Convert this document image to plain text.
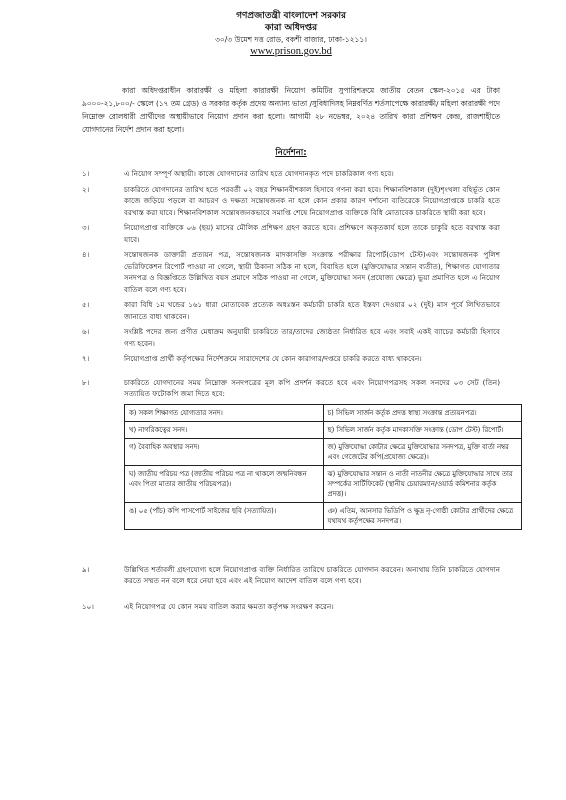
গণপ্রজাতন্ত্রী বাংলাদেশ সরকার
কারা অধিদপ্তর
৩০/৩ উমেশ দত্ত রোড, বকশী বাজার, ঢাকা-১২১১।
www.prison.gov.bd

কারা অধিদপ্তরাধীন কারারক্ষী ও মহিলা কারারক্ষী নিয়োগ কমিটির সুপারিশক্রমে জাতীয় বেতন স্কেল-২০১৫ এর টাকা ৯০০০-২১,৮০০/- স্কেলে (১৭ তম গ্রেড) ও সরকার কর্তৃক প্রদেয় অন্যান্য ভাতা /সুবিধাদিসহ নিম্নবর্ণিত শর্তসাপেক্ষে কারারক্ষী/ মহিলা কারারক্ষী পদে নিম্নোক্ত রোলধারী প্রার্থীদের অস্থায়ীভাবে নিয়োগ প্রদান করা হলো। আগামী ২৮ নভেম্বর, ২০২৪ তারিখ কারা প্রশিক্ষণ কেন্দ্র, রাজশাহীতে যোগদানের নির্দেশ প্রদান করা হলো।

নির্দেশনা:
১।	এ নিয়োগ সম্পূর্ণ অস্থায়ী। কাজে যোগদানের তারিখ হতে যোগদানকৃত পদে চাকরিকাল গণ্য হবে।
২।	চাকরিতে যোগদানের তারিখ হতে পরবর্তী ০২ বছর শিক্ষানবীশকাল হিসাবে গণনা করা হবে। শিক্ষানবিশকাল (দুই)শৃংখলা বহির্ভূত কোন কাজে জড়িয়ে পড়লে বা আচরণ ও দক্ষতা সন্তোষজনক না হলে কোন প্রকার কারণ দর্শানো ব্যতিরেকে নিয়োগপ্রাপ্তকে চাকরি হতে বরখাস্ত করা যাবে। শিক্ষানবিশকাল সন্তোষজনকভাবে সমাপ্তি শেষে নিয়োগপ্রাপ্ত ব্যক্তিকে বিধি মোতাবেক চাকরিতে স্থায়ী করা হবে।
৩।	নিয়োগপ্রাপ্ত ব্যক্তিকে ০৬ (ছয়) মাসের মৌলিক প্রশিক্ষণ গ্রহণ করতে হবে। প্রশিক্ষণে অকৃতকার্য হলে তাকে চাকুরি হতে বরখাস্ত করা যাবে।
৪।	সন্তোষজনক ডাক্তারী প্রত্যয়ন পত্র, সন্তোষজনক মাদকাসক্তি সংক্রান্ত পরীক্ষার রিপোর্ট(ডোপ টেস্ট)এবং সন্তোষজনক পুলিশ ভেরিফিকেশন রিপোর্ট পাওয়া না গেলে, স্থায়ী ঠিকানা সঠিক না হলে, বিবাহিত হলে (মুক্তিযোদ্ধার সন্তান ব্যতীত), শিক্ষাগত যোগ্যতার সনদপত্র ও বিজ্ঞপ্তিতে উল্লিখিত বয়স প্রমাণে সঠিক পাওয়া না গেলে, মুক্তিযোদ্ধা সনদ (প্রযোজ্য ক্ষেত্রে) ভুয়া প্রমাণিত হলে এ নিয়োগ বাতিল বলে গণ্য হবে।
৫।	কারা বিধি ১ম খন্ডের ১৬১ ধারা মোতাবেক প্রত্যেক অধঃস্তন কর্মচারী চাকরি হতে ইস্তফা দেওয়ার ০২ (দুই) মাস পূর্বে লিখিতভাবে জানাতে বাধ্য থাকবেন।
৬।	সংশ্লিষ্ট পদের জন্য প্রণীত মেধাক্রম অনুযায়ী চাকরিতে তার/তাদের জ্যেষ্ঠতা নির্ধারিত হবে এবং সবাই একই ব্যাচের কর্মচারী হিসাবে গণ্য হবেন।
৭।	নিয়োগপ্রাপ্ত প্রার্থী কর্তৃপক্ষের নির্দেশক্রমে সারাদেশের যে কোন কারাগার/দপ্তরে চাকরি করতে বাধ্য থাকবেন।
৮।	চাকরিতে যোগদানের সময় নিম্নোক্ত সনদপত্রের মূল কপি প্রদর্শন করতে হবে এবং নিয়োগপত্রসহ সকল সনদের ০৩ সেট (তিন) সত্যায়িত ফটোকপি জমা দিতে হবে:
ক) সকল শিক্ষাগত যোগ্যতার সনদ।	চ) সিভিল সার্জন কর্তৃক প্রদত্ত স্বাস্থ্য সংক্রান্ত প্রত্যয়নপত্র।
খ) নাগরিকত্বের সনদ।	ছ) সিভিল সার্জন কর্তৃক মাদকাসক্তি সংক্রান্ত (ডোপ টেস্ট) রিপোর্ট।
গ) বৈবাহিক অবস্থার সনদ।	জ) মুক্তিযোদ্ধা কোটার ক্ষেত্রে মুক্তিযোদ্ধার সনদপত্র, মুক্তি বার্তা নম্বর এবং গেজেটের কপি(প্রযোজ্য ক্ষেত্রে)।
ঘ) জাতীয় পরিচয় পত্র (জাতীয় পরিচয় পত্র না থাকলে জন্মনিবন্ধন এবং পিতা মাতার জাতীয় পরিচয়পত্র)।	ঝ) মুক্তিযোদ্ধার সন্তান ও নাতী নাতনীর ক্ষেত্রে মুক্তিযোদ্ধার সাথে তার সম্পর্কের সার্টিফিকেট (স্থানীয় চেয়ারম্যান/ওয়ার্ড কমিশনার কর্তৃক প্রদত্ত)।
ঙ) ০৫ (পাঁচ) কপি পাসপোর্ট সাইজের ছবি (সত্যায়িত)।	ঞ) এতিম, আনসার ভিডিপি ও ক্ষুদ্র নৃ-গোষ্ঠী কোটার প্রার্থীদের ক্ষেত্রে যথাযথ কর্তৃপক্ষের সনদপত্র।
৯।	উল্লিখিত শর্তাবলী গ্রহণযোগ্য হলে নিয়োগপ্রাপ্ত ব্যক্তি নির্ধারিত তারিখে চাকরিতে যোগদান করবেন। অন্যথায় তিনি চাকরিতে যোগদান করতে সম্মত নন বলে ধরে নেয়া হবে এবং এই নিয়োগ আদেশ বাতিল বলে গণ্য হবে।
১০।	এই নিয়োগপত্র যে কোন সময় বাতিল করার ক্ষমতা কর্তৃপক্ষ সংরক্ষণ করেন।
